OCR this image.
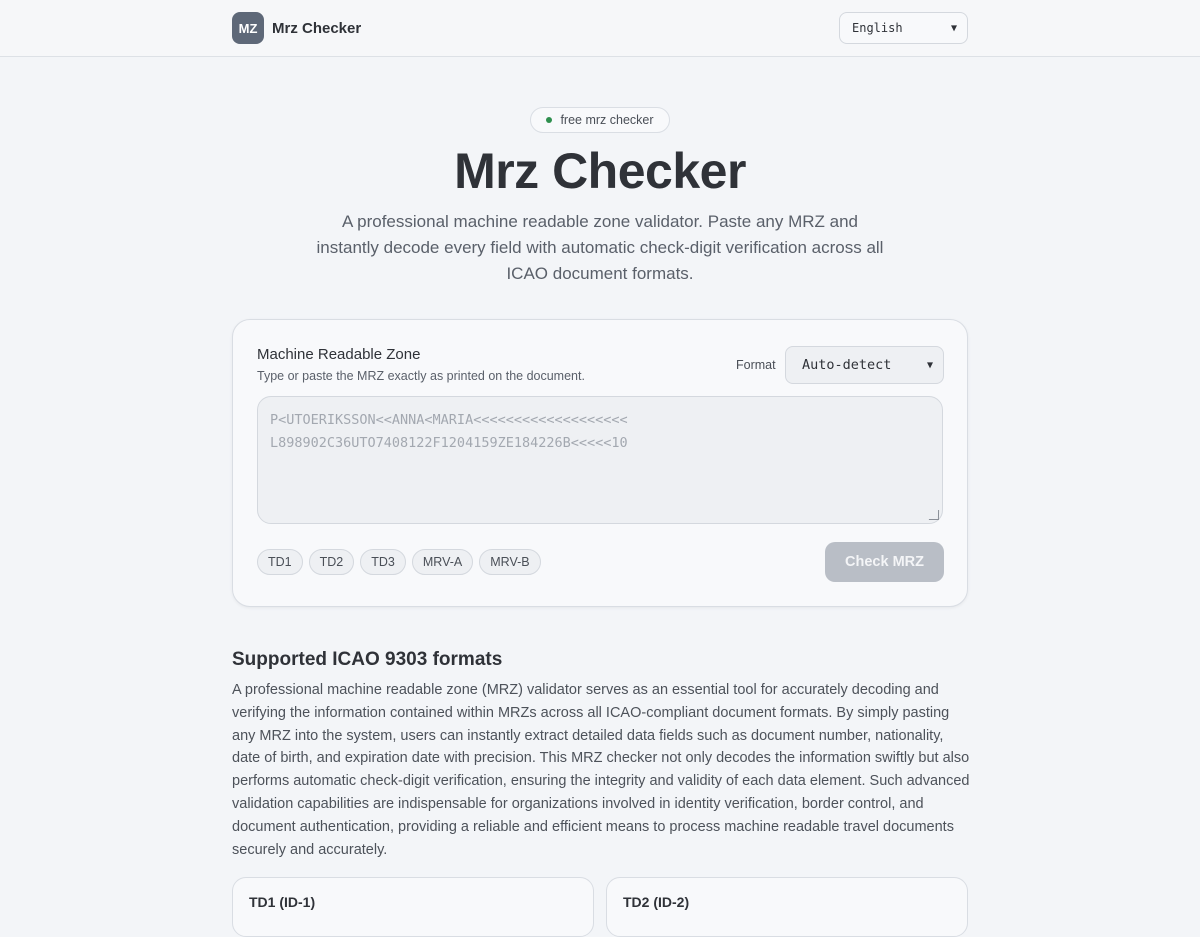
MZ Mrz Checker	English	▼
free mrz checker
Mrz Checker

A professional machine readable zone validator. Paste any MRZ and instantly decode every field with automatic check-digit verification across all ICAO document formats.

Machine Readable Zone
Type or paste the MRZ exactly as printed on the document.
Format Auto-detect	▼
P<UTOERIKSSON<<ANNA<MARIA<<<<<<<<<<<<<<<<<<< L898902C36UTO7408122F1204159ZE184226B<<<<<10
TD1	TD2	TD3	MRV-A	MRV-B	Check MRZ
Supported ICAO 9303 formats

A professional machine readable zone (MRZ) validator serves as an essential tool for accurately decoding and verifying the information contained within MRZs across all ICAO-compliant document formats. By simply pasting any MRZ into the system, users can instantly extract detailed data fields such as document number, nationality, date of birth, and expiration date with precision. This MRZ checker not only decodes the information swiftly but also performs automatic check-digit verification, ensuring the integrity and validity of each data element. Such advanced validation capabilities are indispensable for organizations involved in identity verification, border control, and document authentication, providing a reliable and efficient means to process machine readable travel documents securely and accurately.

TD1 (ID-1)	TD2 (ID-2)
